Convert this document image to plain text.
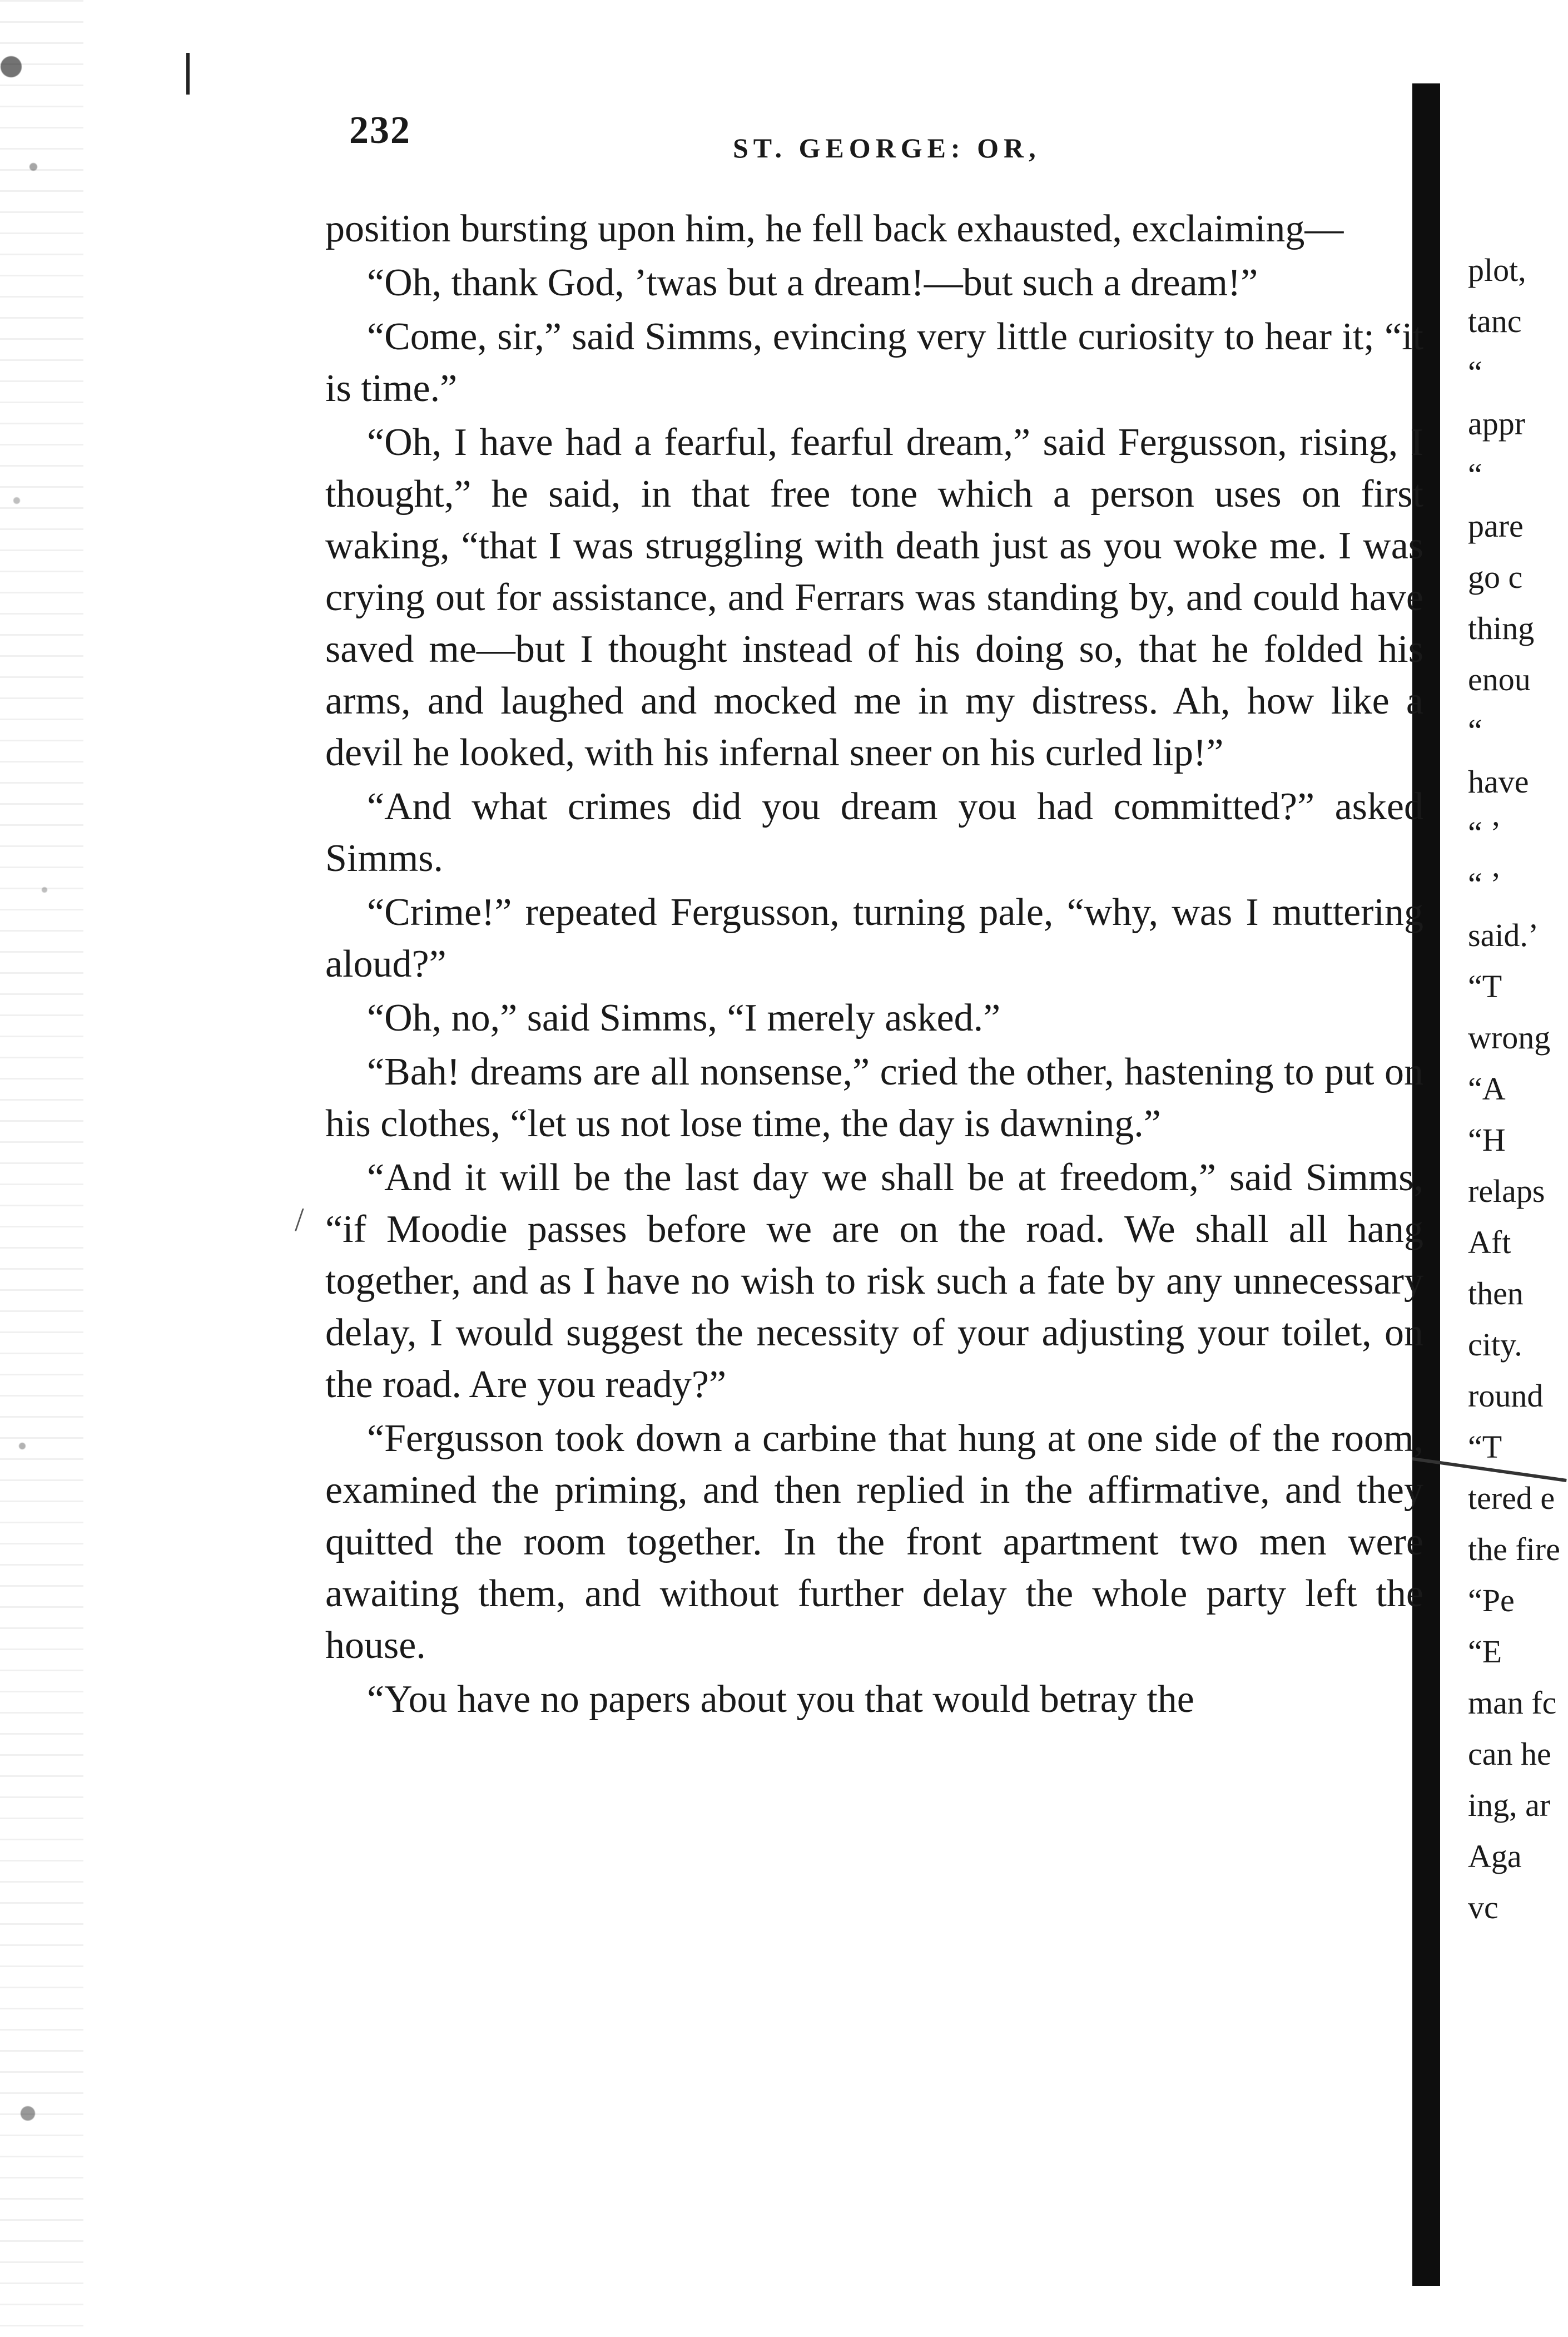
/
232	ST. GEORGE: OR,

position bursting upon him, he fell back exhausted, exclaiming—

“Oh, thank God, ’twas but a dream!—but such a dream!”

“Come, sir,” said Simms, evincing very little curiosity to hear it; “it is time.”

“Oh, I have had a fearful, fearful dream,” said Fergusson, rising, I thought,” he said, in that free tone which a person uses on first waking, “that I was struggling with death just as you woke me. I was crying out for assistance, and Ferrars was standing by, and could have saved me—but I thought instead of his doing so, that he folded his arms, and laughed and mocked me in my distress. Ah, how like a devil he looked, with his infernal sneer on his curled lip!”

“And what crimes did you dream you had committed?” asked Simms.

“Crime!” repeated Fergusson, turning pale, “why, was I muttering aloud?”

“Oh, no,” said Simms, “I merely asked.”

“Bah! dreams are all nonsense,” cried the other, hastening to put on his clothes, “let us not lose time, the day is dawning.”

“And it will be the last day we shall be at freedom,” said Simms, “if Moodie passes before we are on the road. We shall all hang together, and as I have no wish to risk such a fate by any unnecessary delay, I would suggest the necessity of your adjusting your toilet, on the road. Are you ready?”

“Fergusson took down a carbine that hung at one side of the room, examined the priming, and then replied in the affirmative, and they quitted the room together. In the front apartment two men were awaiting them, and without further delay the whole party left the house.

“You have no papers about you that would betray the

plot,
tanc
“
appr
“
pare
go c
thing
enou
“
have
“ ’
“ ’
said.’
“T
wrong
“A
“H
relaps
Aft
then
city.
round
“T
tered e
the fire
“Pe
“E
man fc
can he
ing, ar
Aga
vc
